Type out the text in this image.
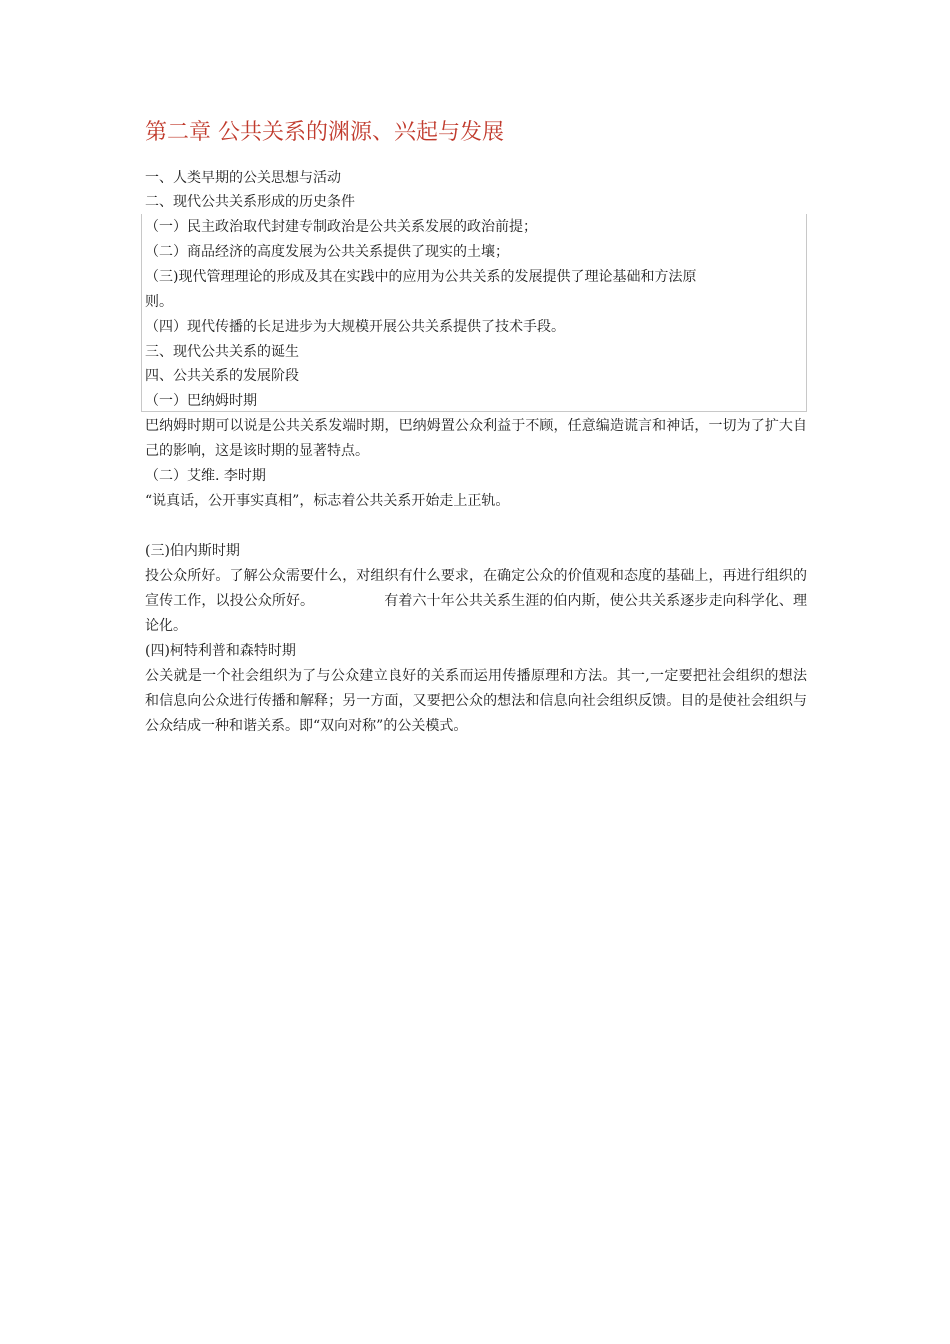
第二章 公共关系的渊源、兴起与发展

一、人类早期的公关思想与活动

二、现代公共关系形成的历史条件

（一）民主政治取代封建专制政治是公共关系发展的政治前提；

（二）商品经济的高度发展为公共关系提供了现实的土壤；

（三)现代管理理论的形成及其在实践中的应用为公共关系的发展提供了理论基础和方法原

则。

（四）现代传播的长足进步为大规模开展公共关系提供了技术手段。

三、现代公共关系的诞生

四、公共关系的发展阶段

（一）巴纳姆时期

巴纳姆时期可以说是公共关系发端时期，巴纳姆置公众利益于不顾，任意编造谎言和神话，一切为了扩大自己的影响，这是该时期的显著特点。

（二）艾维. 李时期

“说真话，公开事实真相”，标志着公共关系开始走上正轨。

(三)伯内斯时期

投公众所好。了解公众需要什么，对组织有什么要求，在确定公众的价值观和态度的基础上，再进行组织的宣传工作，以投公众所好。	有着六十年公共关系生涯的伯内斯，使公共关系逐步走向科学化、理论化。

(四)柯特利普和森特时期

公关就是一个社会组织为了与公众建立良好的关系而运用传播原理和方法。其一,一定要把社会组织的想法和信息向公众进行传播和解释；另一方面，又要把公众的想法和信息向社会组织反馈。目的是使社会组织与公众结成一种和谐关系。即“双向对称”的公关模式。
